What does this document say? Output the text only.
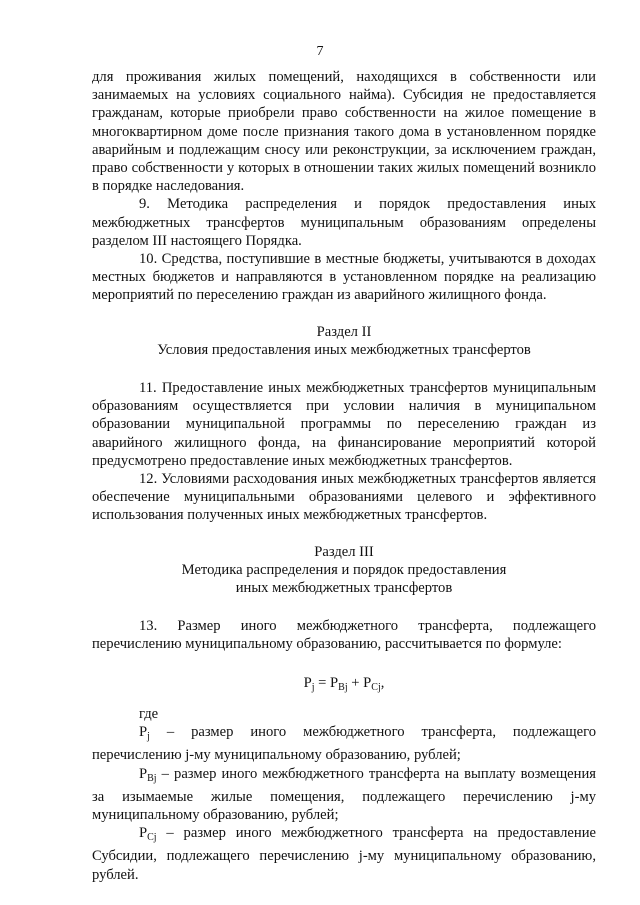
7

для проживания жилых помещений, находящихся в собственности или занимаемых на условиях социального найма). Субсидия не предоставляется гражданам, которые приобрели право собственности на жилое помещение в многоквартирном доме после признания такого дома в установленном порядке аварийным и подлежащим сносу или реконструкции, за исключением граждан, право собственности у которых в отношении таких жилых помещений возникло в порядке наследования.

9. Методика распределения и порядок предоставления иных межбюджетных трансфертов муниципальным образованиям определены разделом III настоящего Порядка.

10. Средства, поступившие в местные бюджеты, учитываются в доходах местных бюджетов и направляются в установленном порядке на реализацию мероприятий по переселению граждан из аварийного жилищного фонда.

Раздел II

Условия предоставления иных межбюджетных трансфертов

11. Предоставление иных межбюджетных трансфертов муниципальным образованиям осуществляется при условии наличия в муниципальном образовании муниципальной программы по переселению граждан из аварийного жилищного фонда, на финансирование мероприятий которой предусмотрено предоставление иных межбюджетных трансфертов.

12. Условиями расходования иных межбюджетных трансфертов является обеспечение муниципальными образованиями целевого и эффективного использования полученных иных межбюджетных трансфертов.

Раздел III

Методика распределения и порядок предоставления

иных межбюджетных трансфертов

13. Размер иного межбюджетного трансферта, подлежащего перечислению муниципальному образованию, рассчитывается по формуле:

$P_j = P_{Bj} + P_{Cj}$,

где

$P_j$ – размер иного межбюджетного трансферта, подлежащего перечислению j-му муниципальному образованию, рублей;

$P_{Bj}$ – размер иного межбюджетного трансферта на выплату возмещения за изымаемые жилые помещения, подлежащего перечислению j-му муниципальному образованию, рублей;

$P_{Cj}$ – размер иного межбюджетного трансферта на предоставление Субсидии, подлежащего перечислению j-му муниципальному образованию, рублей.
